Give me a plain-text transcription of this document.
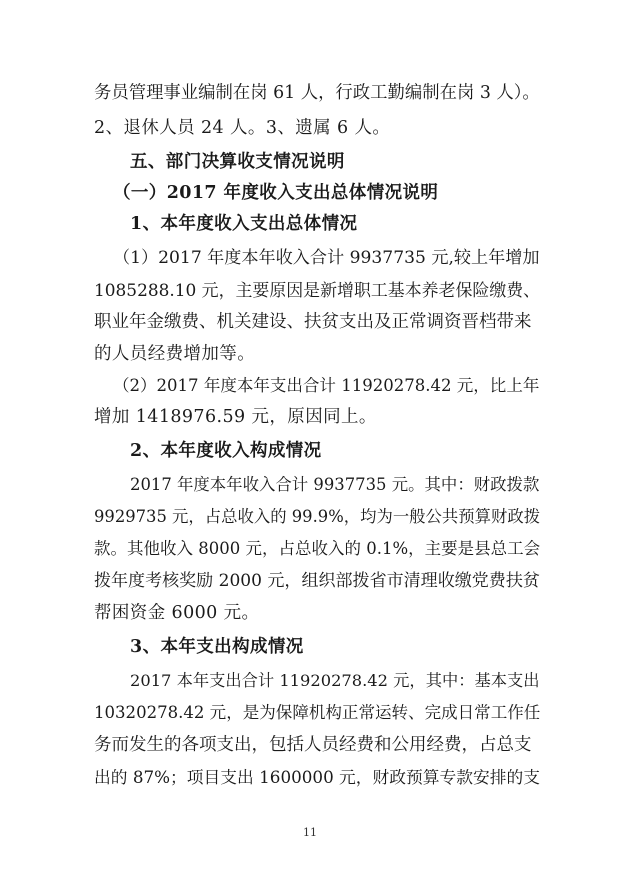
务员管理事业编制在岗 61 人，行政工勤编制在岗 3 人）。
2、退休人员 24 人。3、遗属 6 人。
五、部门决算收支情况说明
（一）2017 年度收入支出总体情况说明
1、本年度收入支出总体情况
（1）2017 年度本年收入合计 9937735 元,较上年增加
1085288.10 元，主要原因是新增职工基本养老保险缴费、
职业年金缴费、机关建设、扶贫支出及正常调资晋档带来
的人员经费增加等。
（2）2017 年度本年支出合计 11920278.42 元，比上年
增加 1418976.59 元，原因同上。
2、本年度收入构成情况
2017 年度本年收入合计 9937735 元。其中：财政拨款
9929735 元，占总收入的 99.9%，均为一般公共预算财政拨
款。其他收入 8000 元，占总收入的 0.1%，主要是县总工会
拨年度考核奖励 2000 元，组织部拨省市清理收缴党费扶贫
帮困资金 6000 元。
3、本年支出构成情况
2017 本年支出合计 11920278.42 元，其中：基本支出
10320278.42 元，是为保障机构正常运转、完成日常工作任
务而发生的各项支出，包括人员经费和公用经费，占总支
出的 87%；项目支出 1600000 元，财政预算专款安排的支
11
